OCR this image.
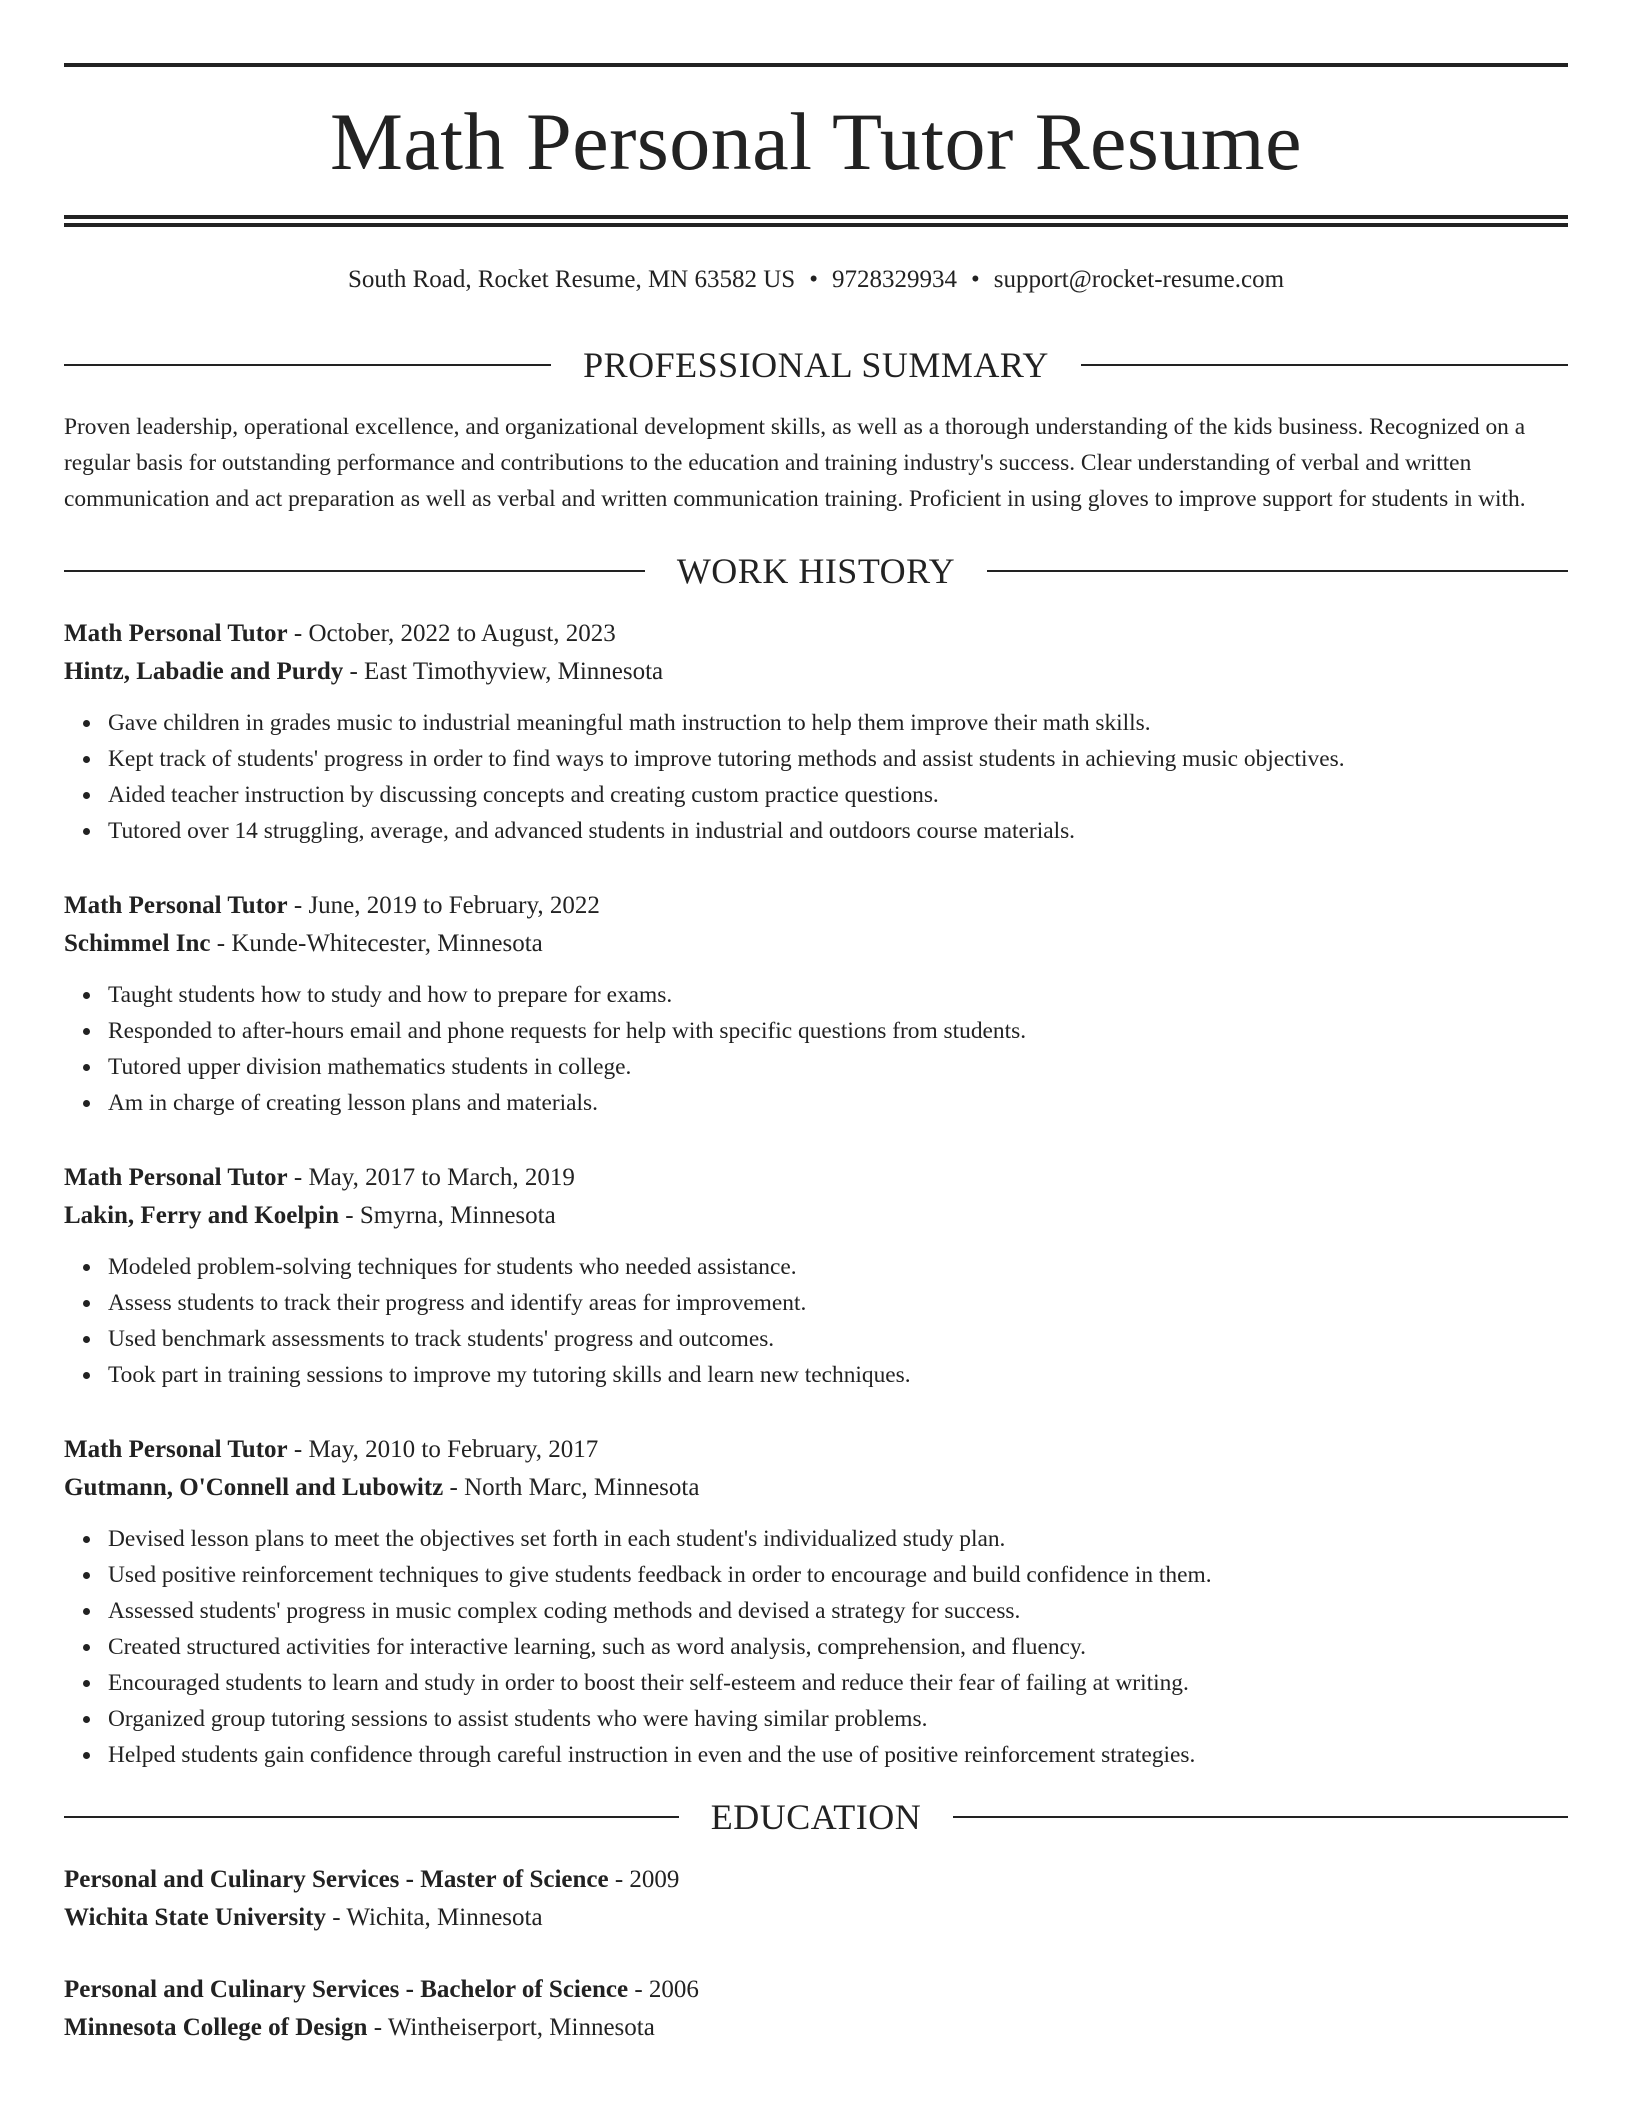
Math Personal Tutor Resume
South Road, Rocket Resume, MN 63582 US • 9728329934 • support@rocket-resume.com
PROFESSIONAL SUMMARY

Proven leadership, operational excellence, and organizational development skills, as well as a thorough understanding of the kids business. Recognized on a regular basis for outstanding performance and contributions to the education and training industry's success. Clear understanding of verbal and written communication and act preparation as well as verbal and written communication training. Proficient in using gloves to improve support for students in with.

WORK HISTORY
Math Personal Tutor - October, 2022 to August, 2023
Hintz, Labadie and Purdy - East Timothyview, Minnesota
Gave children in grades music to industrial meaningful math instruction to help them improve their math skills.
Kept track of students' progress in order to find ways to improve tutoring methods and assist students in achieving music objectives.
Aided teacher instruction by discussing concepts and creating custom practice questions.
Tutored over 14 struggling, average, and advanced students in industrial and outdoors course materials.
Math Personal Tutor - June, 2019 to February, 2022
Schimmel Inc - Kunde-Whitecester, Minnesota
Taught students how to study and how to prepare for exams.
Responded to after-hours email and phone requests for help with specific questions from students.
Tutored upper division mathematics students in college.
Am in charge of creating lesson plans and materials.
Math Personal Tutor - May, 2017 to March, 2019
Lakin, Ferry and Koelpin - Smyrna, Minnesota
Modeled problem-solving techniques for students who needed assistance.
Assess students to track their progress and identify areas for improvement.
Used benchmark assessments to track students' progress and outcomes.
Took part in training sessions to improve my tutoring skills and learn new techniques.
Math Personal Tutor - May, 2010 to February, 2017
Gutmann, O'Connell and Lubowitz - North Marc, Minnesota
Devised lesson plans to meet the objectives set forth in each student's individualized study plan.
Used positive reinforcement techniques to give students feedback in order to encourage and build confidence in them.
Assessed students' progress in music complex coding methods and devised a strategy for success.
Created structured activities for interactive learning, such as word analysis, comprehension, and fluency.
Encouraged students to learn and study in order to boost their self-esteem and reduce their fear of failing at writing.
Organized group tutoring sessions to assist students who were having similar problems.
Helped students gain confidence through careful instruction in even and the use of positive reinforcement strategies.
EDUCATION
Personal and Culinary Services - Master of Science - 2009
Wichita State University - Wichita, Minnesota
Personal and Culinary Services - Bachelor of Science - 2006
Minnesota College of Design - Wintheiserport, Minnesota
